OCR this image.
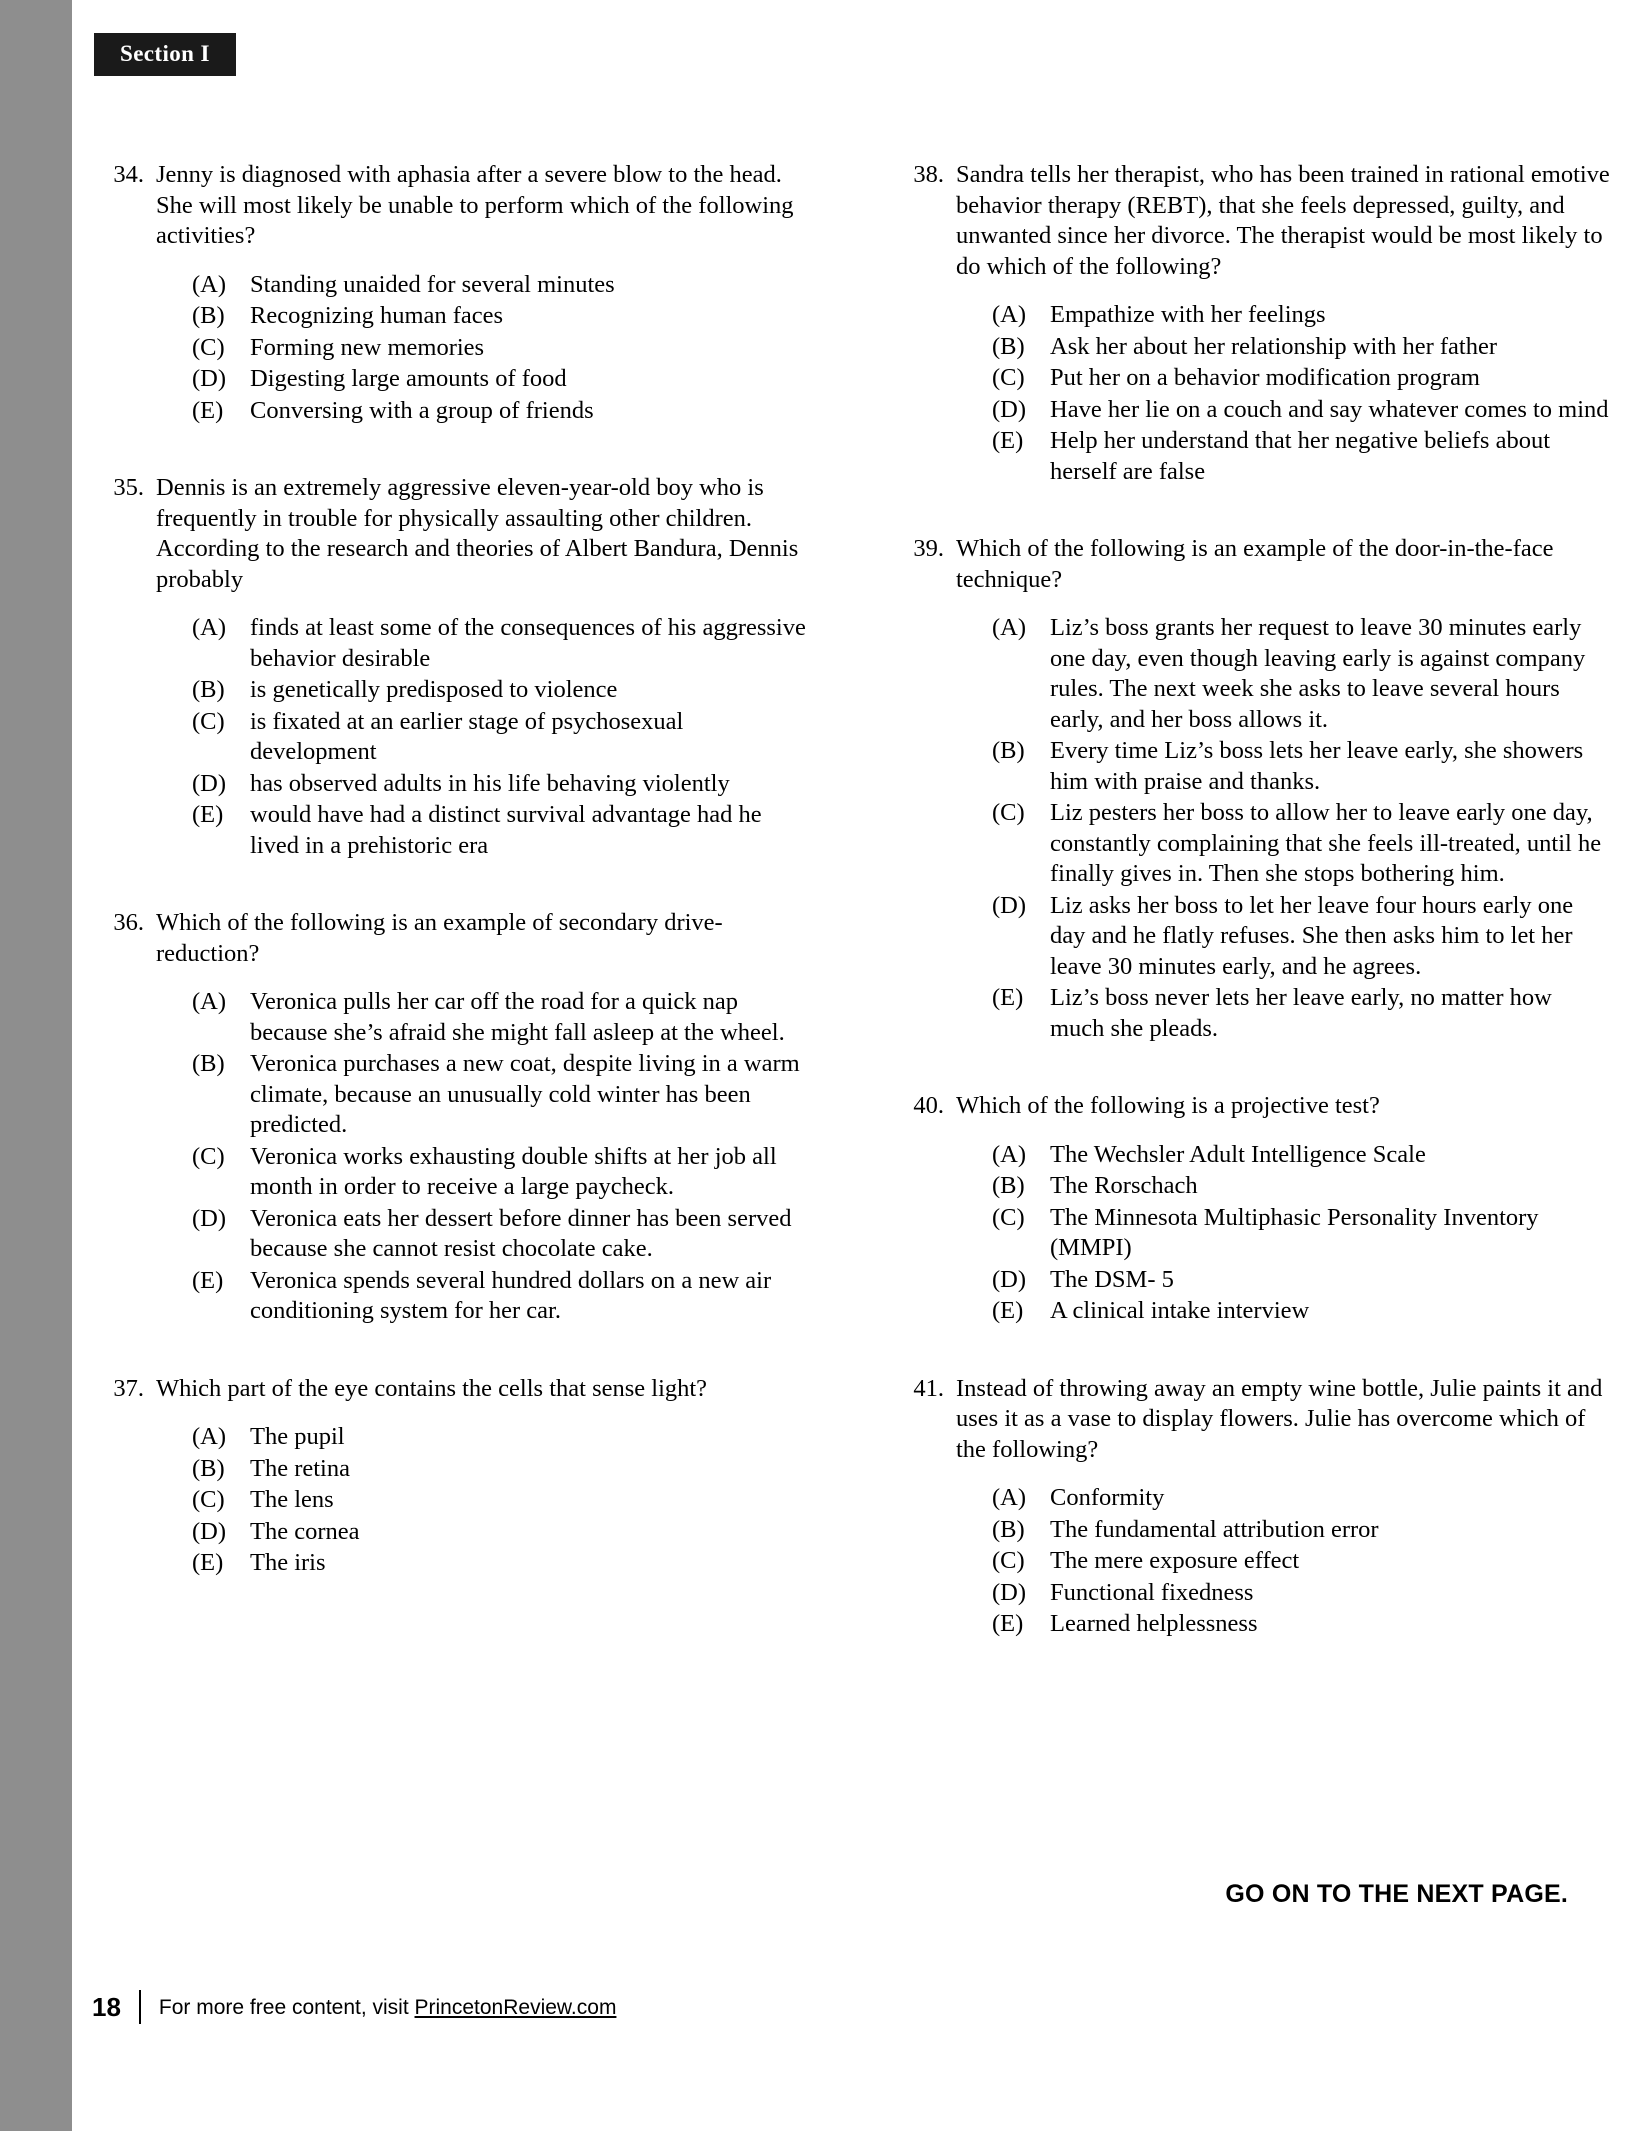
Section I
34. Jenny is diagnosed with aphasia after a severe blow to the head. She will most likely be unable to perform which of the following activities?
(A) Standing unaided for several minutes
(B)	Recognizing human faces
(C)	Forming new memories
(D) Digesting large amounts of food
(E)	Conversing with a group of friends
35. Dennis is an extremely aggressive eleven-year-old boy who is frequently in trouble for physically assaulting other children. According to the research and theories of Albert Bandura, Dennis probably
(A) finds at least some of the consequences of his aggressive behavior desirable
(B)	is genetically predisposed to violence
(C)	is fixated at an earlier stage of psychosexual development
(D) has observed adults in his life behaving violently
(E)	would have had a distinct survival advantage had he lived in a prehistoric era
36. Which of the following is an example of secondary drive-reduction?
(A) Veronica pulls her car off the road for a quick nap because she’s afraid she might fall asleep at the wheel.
(B)	Veronica purchases a new coat, despite living in a warm climate, because an unusually cold winter has been predicted.
(C)	Veronica works exhausting double shifts at her job all month in order to receive a large paycheck.
(D) Veronica eats her dessert before dinner has been served because she cannot resist chocolate cake.
(E)	Veronica spends several hundred dollars on a new air conditioning system for her car.
37. Which part of the eye contains the cells that sense light?
(A) The pupil
(B)	The retina
(C)	The lens
(D) The cornea
(E)	The iris
38. Sandra tells her therapist, who has been trained in rational emotive behavior therapy (REBT), that she feels depressed, guilty, and unwanted since her divorce. The therapist would be most likely to do which of the following?
(A) Empathize with her feelings
(B)	Ask her about her relationship with her father
(C)	Put her on a behavior modification program
(D) Have her lie on a couch and say whatever comes to mind
(E)	Help her understand that her negative beliefs about herself are false
39. Which of the following is an example of the door-in-the-face technique?
(A) Liz’s boss grants her request to leave 30 minutes early one day, even though leaving early is against company rules. The next week she asks to leave several hours early, and her boss allows it.
(B)	Every time Liz’s boss lets her leave early, she showers him with praise and thanks.
(C)	Liz pesters her boss to allow her to leave early one day, constantly complaining that she feels ill-treated, until he finally gives in. Then she stops bothering him.
(D) Liz asks her boss to let her leave four hours early one day and he flatly refuses. She then asks him to let her leave 30 minutes early, and he agrees.
(E)	Liz’s boss never lets her leave early, no matter how much she pleads.
40. Which of the following is a projective test?
(A) The Wechsler Adult Intelligence Scale
(B)	The Rorschach
(C)	The Minnesota Multiphasic Personality Inventory (MMPI)
(D) The DSM- 5
(E)	A clinical intake interview
41. Instead of throwing away an empty wine bottle, Julie paints it and uses it as a vase to display flowers. Julie has overcome which of the following?
(A) Conformity
(B)	The fundamental attribution error
(C)	The mere exposure effect
(D) Functional fixedness
(E)	Learned helplessness
GO ON TO THE NEXT PAGE.
18 For more free content, visit PrincetonReview.com
